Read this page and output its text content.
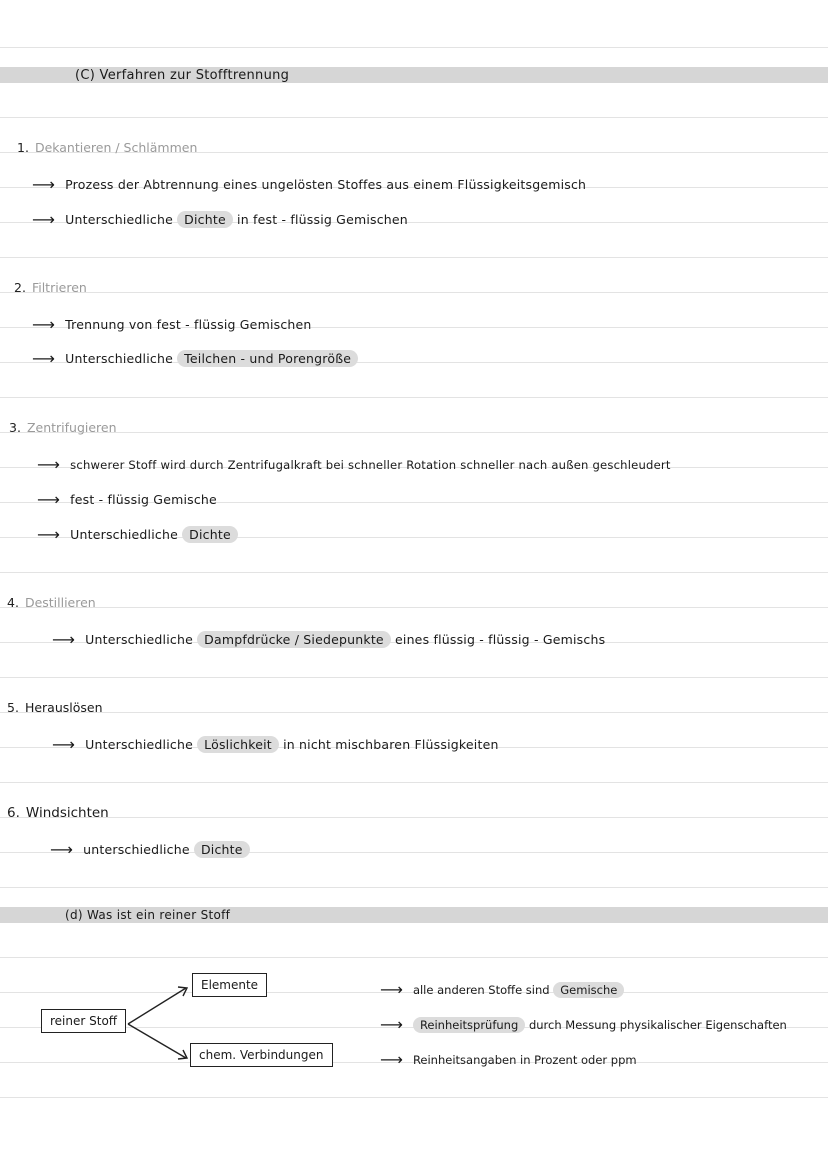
(C) Verfahren zur Stofftrennung
1. Dekantieren / Schlämmen
⟶ Prozess der Abtrennung eines ungelösten Stoffes aus einem Flüssigkeitsgemisch
⟶ Unterschiedliche Dichte in fest - flüssig Gemischen
2. Filtrieren
⟶ Trennung von fest - flüssig Gemischen
⟶ Unterschiedliche Teilchen - und Porengröße
3. Zentrifugieren
⟶ schwerer Stoff wird durch Zentrifugalkraft bei schneller Rotation schneller nach außen geschleudert
⟶ fest - flüssig Gemische
⟶ Unterschiedliche Dichte
4. Destillieren
⟶ Unterschiedliche Dampfdrücke / Siedepunkte eines flüssig - flüssig - Gemischs
5. Herauslösen
⟶ Unterschiedliche Löslichkeit in nicht mischbaren Flüssigkeiten
6. Windsichten
⟶ unterschiedliche Dichte
(d) Was ist ein reiner Stoff
reiner Stoff
Elemente
chem. Verbindungen
⟶ alle anderen Stoffe sind Gemische
⟶ Reinheitsprüfung durch Messung physikalischer Eigenschaften
⟶ Reinheitsangaben in Prozent oder ppm
